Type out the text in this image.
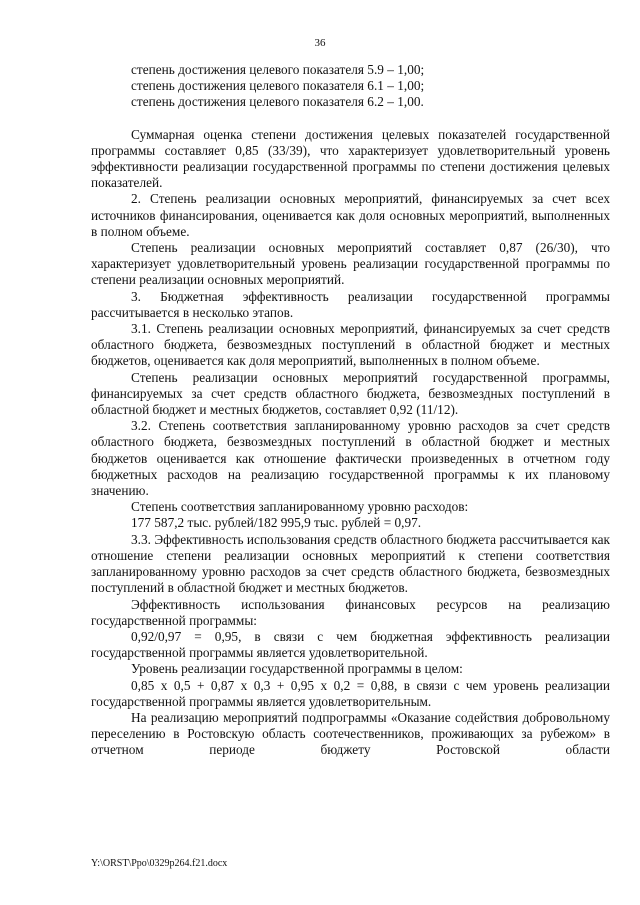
36

степень достижения целевого показателя 5.9 – 1,00;

степень достижения целевого показателя 6.1 – 1,00;

степень достижения целевого показателя 6.2 – 1,00.

Суммарная оценка степени достижения целевых показателей государственной программы составляет 0,85 (33/39), что характеризует удовлетворительный уровень эффективности реализации государственной программы по степени достижения целевых показателей.

2. Степень реализации основных мероприятий, финансируемых за счет всех источников финансирования, оценивается как доля основных мероприятий, выполненных в полном объеме.

Степень реализации основных мероприятий составляет 0,87 (26/30), что характеризует удовлетворительный уровень реализации государственной программы по степени реализации основных мероприятий.

3. Бюджетная эффективность реализации государственной программы рассчитывается в несколько этапов.

3.1. Степень реализации основных мероприятий, финансируемых за счет средств областного бюджета, безвозмездных поступлений в областной бюджет и местных бюджетов, оценивается как доля мероприятий, выполненных в полном объеме.

Степень реализации основных мероприятий государственной программы, финансируемых за счет средств областного бюджета, безвозмездных поступлений в областной бюджет и местных бюджетов, составляет 0,92 (11/12).

3.2. Степень соответствия запланированному уровню расходов за счет средств областного бюджета, безвозмездных поступлений в областной бюджет и местных бюджетов оценивается как отношение фактически произведенных в отчетном году бюджетных расходов на реализацию государственной программы к их плановому значению.

Степень соответствия запланированному уровню расходов:

177 587,2 тыс. рублей/182 995,9 тыс. рублей = 0,97.

3.3. Эффективность использования средств областного бюджета рассчитывается как отношение степени реализации основных мероприятий к степени соответствия запланированному уровню расходов за счет средств областного бюджета, безвозмездных поступлений в областной бюджет и местных бюджетов.

Эффективность использования финансовых ресурсов на реализацию государственной программы:

0,92/0,97 = 0,95, в связи с чем бюджетная эффективность реализации государственной программы является удовлетворительной.

Уровень реализации государственной программы в целом:

0,85 х 0,5 + 0,87 х 0,3 + 0,95 х 0,2 = 0,88, в связи с чем уровень реализации государственной программы является удовлетворительным.

На реализацию мероприятий подпрограммы «Оказание содействия добровольному переселению в Ростовскую область соотечественников, проживающих за рубежом» в отчетном периоде бюджету Ростовской области

Y:\ORST\Ppo\0329p264.f21.docx
